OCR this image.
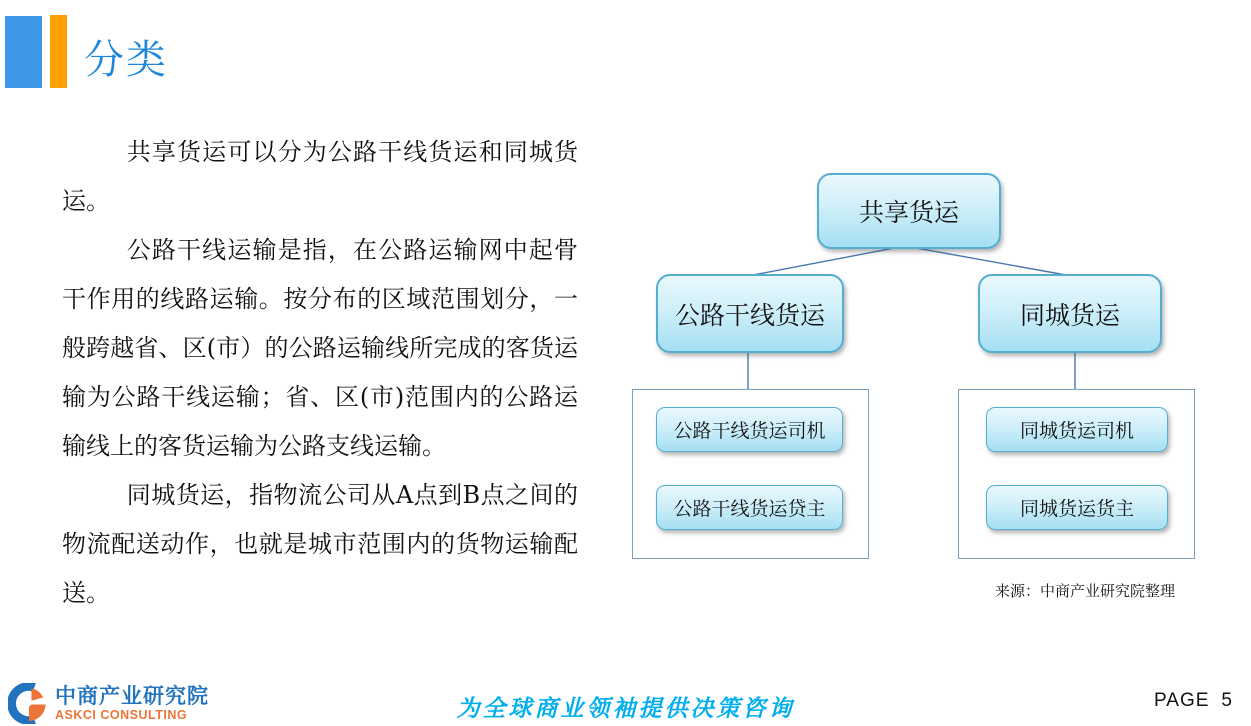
分类

共享货运可以分为公路干线货运和同城货运。

公路干线运输是指，在公路运输网中起骨干作用的线路运输。按分布的区域范围划分，一般跨越省、区(市）的公路运输线所完成的客货运输为公路干线运输；省、区(市)范围内的公路运输线上的客货运输为公路支线运输。

同城货运，指物流公司从A点到B点之间的物流配送动作，也就是城市范围内的货物运输配送。

共享货运
公路干线货运	同城货运
公路干线货运司机
公路干线货运贷主
同城货运司机
同城货运货主
来源：中商产业研究院整理
中商产业研究院
ASKCI CONSULTING	为全球商业领袖提供决策咨询	PAGE 5
